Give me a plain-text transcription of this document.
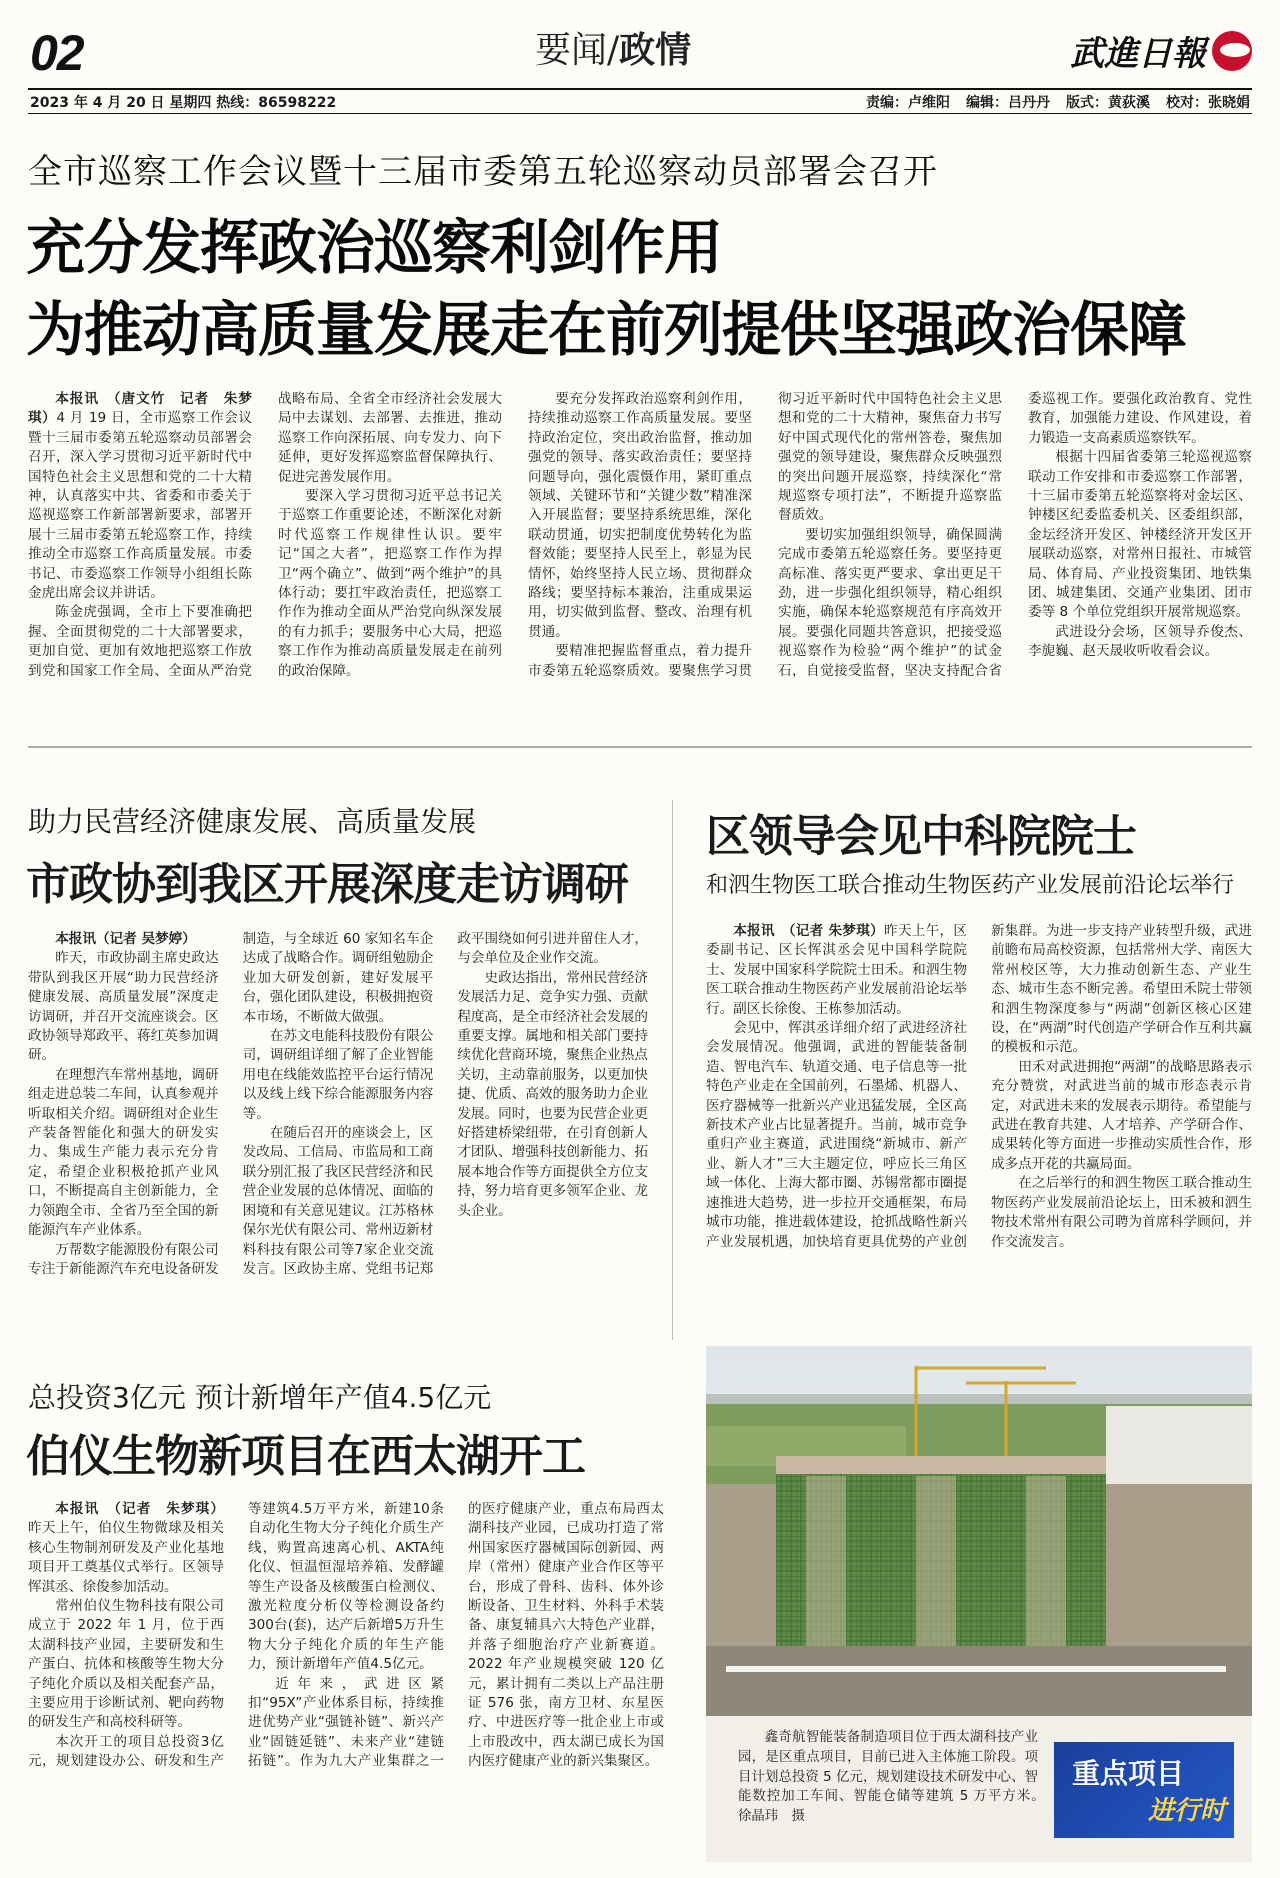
02	要闻/政情	武進日報
2023 年 4 月 20 日 星期四 热线：86598222	责编：卢维阳 编辑：吕丹丹 版式：黄荻溪 校对：张晓娟
全市巡察工作会议暨十三届市委第五轮巡察动员部署会召开
充分发挥政治巡察利剑作用
为推动高质量发展走在前列提供坚强政治保障

本报讯　（唐文竹　记者　朱梦琪）4 月 19 日，全市巡察工作会议暨十三届市委第五轮巡察动员部署会召开，深入学习贯彻习近平新时代中国特色社会主义思想和党的二十大精神，认真落实中共、省委和市委关于巡视巡察工作新部署新要求，部署开展十三届市委第五轮巡察工作，持续推动全市巡察工作高质量发展。市委书记、市委巡察工作领导小组组长陈金虎出席会议并讲话。

陈金虎强调，全市上下要准确把握、全面贯彻党的二十大部署要求，更加自觉、更加有效地把巡察工作放到党和国家工作全局、全面从严治党战略布局、全省全市经济社会发展大局中去谋划、去部署、去推进，推动巡察工作向深拓展、向专发力、向下延伸，更好发挥巡察监督保障执行、促进完善发展作用。

要深入学习贯彻习近平总书记关于巡察工作重要论述，不断深化对新时代巡察工作规律性认识。要牢记“国之大者”，把巡察工作作为捍卫“两个确立”、做到“两个维护”的具体行动；要扛牢政治责任，把巡察工作作为推动全面从严治党向纵深发展的有力抓手；要服务中心大局，把巡察工作作为推动高质量发展走在前列的政治保障。

要充分发挥政治巡察利剑作用，持续推动巡察工作高质量发展。要坚持政治定位，突出政治监督，推动加强党的领导、落实政治责任；要坚持问题导向，强化震慑作用，紧盯重点领域、关键环节和“关键少数”精准深入开展监督；要坚持系统思维，深化联动贯通，切实把制度优势转化为监督效能；要坚持人民至上，彰显为民情怀，始终坚持人民立场、贯彻群众路线；要坚持标本兼治，注重成果运用，切实做到监督、整改、治理有机贯通。

要精准把握监督重点，着力提升市委第五轮巡察质效。要聚焦学习贯彻习近平新时代中国特色社会主义思想和党的二十大精神，聚焦奋力书写好中国式现代化的常州答卷，聚焦加强党的领导建设，聚焦群众反映强烈的突出问题开展巡察，持续深化“常规巡察专项打法”，不断提升巡察监督质效。

要切实加强组织领导，确保圆满完成市委第五轮巡察任务。要坚持更高标准、落实更严要求、拿出更足干劲，进一步强化组织领导，精心组织实施，确保本轮巡察规范有序高效开展。要强化同题共答意识，把接受巡视巡察作为检验“两个维护”的试金石，自觉接受监督，坚决支持配合省委巡视工作。要强化政治教育、党性教育，加强能力建设、作风建设，着力锻造一支高素质巡察铁军。

根据十四届省委第三轮巡视巡察联动工作安排和市委巡察工作部署，十三届市委第五轮巡察将对金坛区、钟楼区纪委监委机关、区委组织部，金坛经济开发区、钟楼经济开发区开展联动巡察，对常州日报社、市城管局、体育局、产业投资集团、地铁集团、城建集团、交通产业集团、团市委等 8 个单位党组织开展常规巡察。

武进设分会场，区领导乔俊杰、李旎巍、赵天晟收听收看会议。

助力民营经济健康发展、高质量发展
市政协到我区开展深度走访调研

本报讯（记者 吴梦婷）

昨天，市政协副主席史政达带队到我区开展“助力民营经济健康发展、高质量发展”深度走访调研，并召开交流座谈会。区政协领导郑政平、蒋红英参加调研。

在理想汽车常州基地，调研组走进总装二车间，认真参观并听取相关介绍。调研组对企业生产装备智能化和强大的研发实力、集成生产能力表示充分肯定，希望企业积极抢抓产业风口，不断提高自主创新能力，全力领跑全市、全省乃至全国的新能源汽车产业体系。

万帮数字能源股份有限公司专注于新能源汽车充电设备研发制造，与全球近 60 家知名车企达成了战略合作。调研组勉励企业加大研发创新，建好发展平台，强化团队建设，积极拥抱资本市场，不断做大做强。

在苏文电能科技股份有限公司，调研组详细了解了企业智能用电在线能效监控平台运行情况以及线上线下综合能源服务内容等。

在随后召开的座谈会上，区发改局、工信局、市监局和工商联分别汇报了我区民营经济和民营企业发展的总体情况、面临的困境和有关意见建议。江苏格林保尔光伏有限公司、常州迈新材料科技有限公司等7家企业交流发言。区政协主席、党组书记郑政平围绕如何引进并留住人才，与会单位及企业作交流。

史政达指出，常州民营经济发展活力足、竞争实力强、贡献程度高，是全市经济社会发展的重要支撑。属地和相关部门要持续优化营商环境，聚焦企业热点关切，主动靠前服务，以更加快捷、优质、高效的服务助力企业发展。同时，也要为民营企业更好搭建桥梁纽带，在引育创新人才团队、增强科技创新能力、拓展本地合作等方面提供全方位支持，努力培育更多领军企业、龙头企业。

区领导会见中科院院士
和泗生物医工联合推动生物医药产业发展前沿论坛举行

本报讯　（记者 朱梦琪）昨天上午，区委副书记、区长恽淇丞会见中国科学院院士、发展中国家科学院院士田禾。和泗生物医工联合推动生物医药产业发展前沿论坛举行。副区长徐俊、王栋参加活动。

会见中，恽淇丞详细介绍了武进经济社会发展情况。他强调，武进的智能装备制造、智电汽车、轨道交通、电子信息等一批特色产业走在全国前列，石墨烯、机器人、医疗器械等一批新兴产业迅猛发展，全区高新技术产业占比显著提升。当前，城市竞争重归产业主赛道，武进围绕“新城市、新产业、新人才”三大主题定位，呼应长三角区域一体化、上海大都市圈、苏锡常都市圈提速推进大趋势，进一步拉开交通框架，布局城市功能，推进载体建设，抢抓战略性新兴产业发展机遇，加快培育更具优势的产业创新集群。为进一步支持产业转型升级，武进前瞻布局高校资源，包括常州大学、南医大常州校区等，大力推动创新生态、产业生态、城市生态不断完善。希望田禾院士带领和泗生物深度参与“两湖”创新区核心区建设，在“两湖”时代创造产学研合作互利共赢的模板和示范。

田禾对武进拥抱“两湖”的战略思路表示充分赞赏，对武进当前的城市形态表示肯定，对武进未来的发展表示期待。希望能与武进在教育共建、人才培养、产学研合作、成果转化等方面进一步推动实质性合作，形成多点开花的共赢局面。

在之后举行的和泗生物医工联合推动生物医药产业发展前沿论坛上，田禾被和泗生物技术常州有限公司聘为首席科学顾问，并作交流发言。

总投资3亿元 预计新增年产值4.5亿元
伯仪生物新项目在西太湖开工

本报讯　（记者　朱梦琪）昨天上午，伯仪生物微球及相关核心生物制剂研发及产业化基地项目开工奠基仪式举行。区领导恽淇丞、徐俊参加活动。

常州伯仪生物科技有限公司成立于 2022 年 1 月，位于西太湖科技产业园，主要研发和生产蛋白、抗体和核酸等生物大分子纯化介质以及相关配套产品，主要应用于诊断试剂、靶向药物的研发生产和高校科研等。

本次开工的项目总投资3亿元，规划建设办公、研发和生产等建筑4.5万平方米，新建10条自动化生物大分子纯化介质生产线，购置高速离心机、AKTA纯化仪、恒温恒湿培养箱、发酵罐等生产设备及核酸蛋白检测仪、激光粒度分析仪等检测设备约300台(套)，达产后新增5万升生物大分子纯化介质的年生产能力，预计新增年产值4.5亿元。

近年来，武进区紧扣“95X”产业体系目标，持续推进优势产业“强链补链”、新兴产业“固链延链”、未来产业“建链拓链”。作为九大产业集群之一的医疗健康产业，重点布局西太湖科技产业园，已成功打造了常州国家医疗器械国际创新园、两岸（常州）健康产业合作区等平台，形成了骨科、齿科、体外诊断设备、卫生材料、外科手术装备、康复辅具六大特色产业群，并落子细胞治疗产业新赛道。2022 年产业规模突破 120 亿元，累计拥有二类以上产品注册证 576 张，南方卫材、东星医疗、中进医疗等一批企业上市或上市股改中，西太湖已成长为国内医疗健康产业的新兴集聚区。

鑫奇航智能装备制造项目位于西太湖科技产业园，是区重点项目，目前已进入主体施工阶段。项目计划总投资 5 亿元，规划建设技术研发中心、智能数控加工车间、智能仓储等建筑 5 万平方米。　　徐晶玮　摄
重点项目
进行时
